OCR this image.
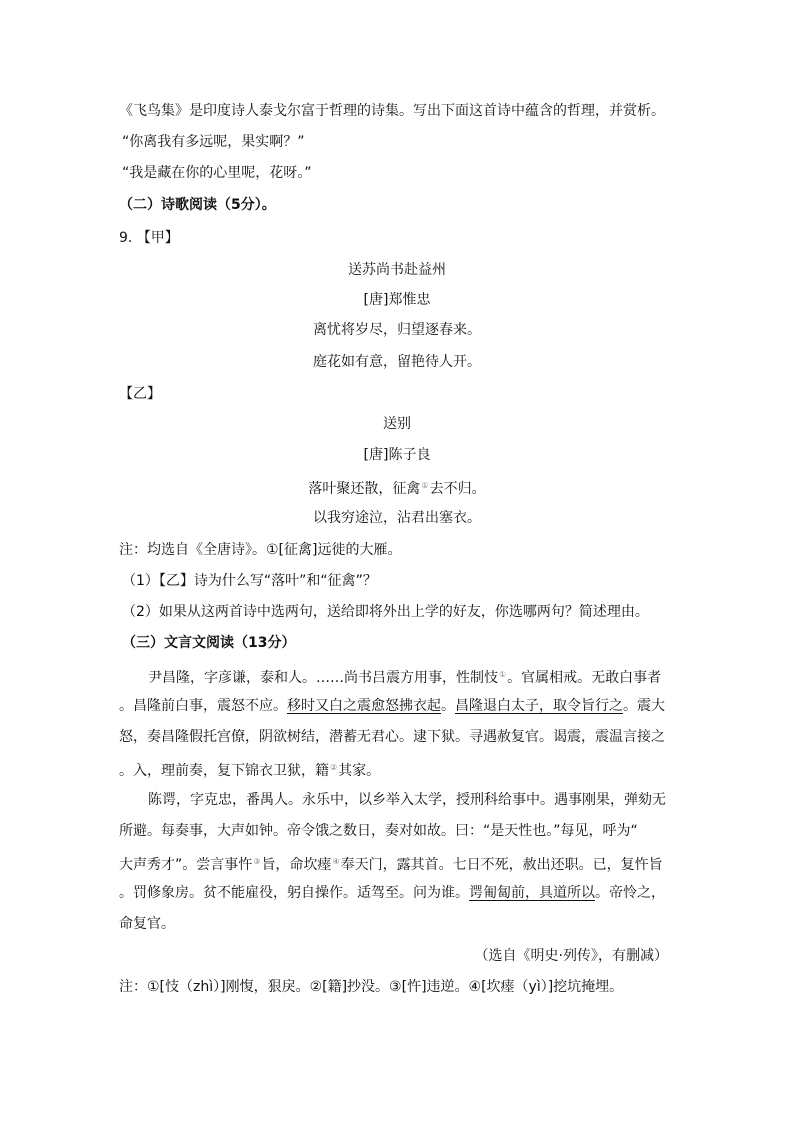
《飞鸟集》是印度诗人泰戈尔富于哲理的诗集。写出下面这首诗中蕴含的哲理，并赏析。
“你离我有多远呢，果实啊？”
“我是藏在你的心里呢，花呀。”
（二）诗歌阅读（5分）。
9. 【甲】
送苏尚书赴益州
[唐]郑惟忠
离忧将岁尽，归望逐春来。
庭花如有意，留艳待人开。
【乙】
送别
[唐]陈子良
落叶聚还散，征禽①去不归。
以我穷途泣，沾君出塞衣。
注：均选自《全唐诗》。①[征禽]远徙的大雁。
（1）【乙】诗为什么写“落叶”和“征禽”？
（2）如果从这两首诗中选两句，送给即将外出上学的好友，你选哪两句？简述理由。
（三）文言文阅读（13分）
尹昌隆，字彦谦，泰和人。……尚书吕震方用事，性制忮①。官属相戒。无敢白事者
。昌隆前白事，震怒不应。移时又白之震愈怒拂衣起。昌隆退白太子，取令旨行之。震大
怒，奏昌隆假托宫僚，阴欲树结，潜蓄无君心。逮下狱。寻遇赦复官。谒震，震温言接之
。入，理前奏，复下锦衣卫狱，籍②其家。
陈谔，字克忠，番禺人。永乐中，以乡举入太学，授刑科给事中。遇事刚果，弹劾无
所避。每奏事，大声如钟。帝令饿之数日，奏对如故。曰：“是天性也。”每见，呼为“
大声秀才”。尝言事忤③旨，命坎瘗④奉天门，露其首。七日不死，赦出还职。已，复忤旨
。罚修象房。贫不能雇役，躬自操作。适驾至。问为谁。谔匍匐前，具道所以。帝怜之，
命复官。
（选自《明史·列传》，有删减）
注：①[忮（zhì）]刚愎，狠戾。②[籍]抄没。③[忤]违逆。④[坎瘗（yì）]挖坑掩埋。
